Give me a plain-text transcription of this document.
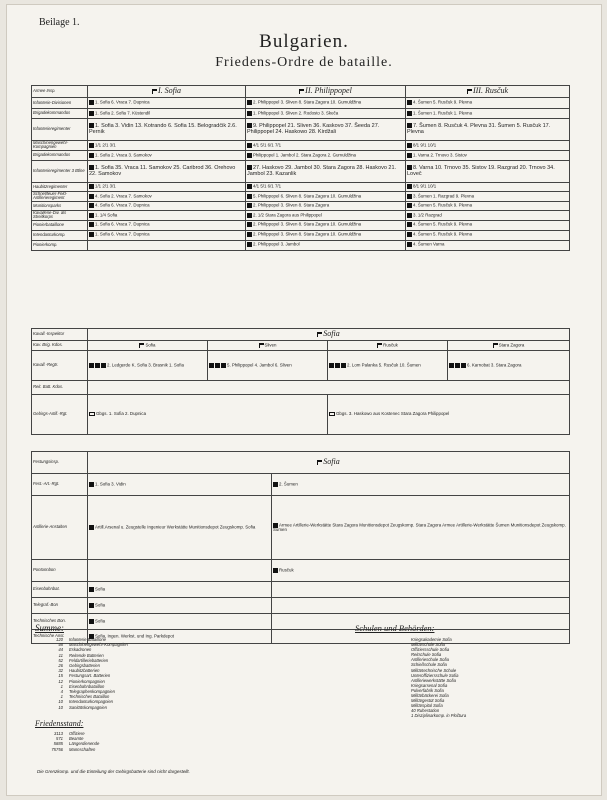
Beilage 1.
Bulgarien.
Friedens-Ordre de bataille.
Armee Insp.	I. Sofia	II. Philippopel	III. Rusčuk
Infanterie-Divisionen	1. Sofia 6. Vraca 7. Dupnica	2. Philippopel 3. Sliven 8. Stara Zagora 10. Gumuldžina	4. Šumen 5. Rusčuk 9. Plevna
Brigadekommandos	1. Sofia 2. Sofia 7. Küstendil	1. Philippopel 3. Sliven 2. Rodosto 3. Skeča	1. Šumen 1. Rusčuk 1. Plevna
Infanterieregimenter	1. Sofia 3. Vidin 13. Kotrando 6. Sofia 15. Belogradčik 2.6. Pernik	9. Philippopel 21. Sliven 36. Kaskovo 37. Šeeda 27. Philippopel 24. Haskowo 28. Kirdžali	7. Šumen 8. Rusčuk 4. Plevna 31. Šumen 5. Rusčuk 17. Plevna
Maschinengewehr-Kompagnien	1/1 2/1 3/1	4/1 5/1 6/1 7/1	8/1 9/1 10/1
Brigadekommandos	1. Sofia 2. Vraca 3. Samokov	Philippopel 1. Jambol 2. Stara Zagora 2. Gumuldžina	1. Varna 2. Trnovo 3. Sistov
Infanterieregimenter 3 Btlne	1. Sofia 35. Vraca 11. Samokov 25. Caribrod 36. Orehovo 22. Samokov	27. Haskovo 29. Jambol 30. Stara Zagora 28. Haskovo 21. Jambol 23. Kazanlik	8. Varna 10. Trnovo 35. Sistov 19. Razgrad 20. Trnovo 34. Loveč
Haubitzregimenter	1/1 2/1 3/1	4/1 5/1 6/1 7/1	8/1 9/1 10/1
Schnellfeuer-Feld-Artillerieregiment	4. Sofia 2. Vraca 7. Samokov	5. Philippopel 6. Sliven 8. Stara Zagora 10. Gumuldžina	3. Šumen 1. Razgrad 9. Plevna
Munitionsparks	4. Sofia 6. Vraca 7. Dupnica	2. Philippopel 3. Sliven 8. Stara Zagora	4. Šumen 5. Rusčuk 9. Plevna
Kavallerie-Div. als Streitkorps	1. 1/4 Sofia	2. 1/2 Stara Zagora aus Philippopel	3. 1/2 Razgrad
Pionierbataillone	1. Sofia 6. Vraca 7. Dupnica	2. Philippopel 3. Sliven 8. Stara Zagora 10. Gumuldžina	4. Šumen 5. Rusčuk 9. Plevna
Intendanturkomp.	1. Sofia 6. Vraca 7. Dupnica	2. Philippopel 3. Sliven 8. Stara Zagora 10. Gumuldžina	4. Šumen 5. Rusčuk 9. Plevna
Pionierkomp.		2. Philippopel 3. Jambol	4. Šumen Varna
Kavall.-Inspektor	Sofia			
Kav. Brig. Kdos.	Sofia	Sliven	Rusčuk	Stara Zagora
Kavall.-Regtr.	2. Ledgerde K. Sofia 3. Brasnik 1. Sofia	5. Philippopel 4. Jambol 6. Sliven	2. Lom Palanka 5. Rusčuk 10. Šumen	6. Karnobat 3. Stara Zagora
Reit. Batt. Kdos.				
Gebirgs-Artill.-Rgt.	Gbgs. 1. Sofia 2. Dupnica		Gbgs. 3. Haskowo aus Kostenec Stara Zagora Philippopel	
Festungsinsp.	Sofia	
Fest.-Art.-Rgt.	1. Sofia 3. Vidin	2. Šumen
Artillerie-Anstalten	Artill.Arsenal u. Zeugstelle Ingenieur Werkstätte Munitionsdepot Zeugskomp. Sofia	Armee Artillerie-Werkstätte Stara Zagora Munitionsdepot Zeugskomp. Stara Zagora Armee Artillerie-Werkstätte Šumen Munitionsdepot Zeugskomp. Šumen
Pontonnbon		Rusčuk
Eisenbahnbat.	Sofia	
Telegraf.-Bon	Sofia	
Technisches Bon.	Sofia	
Technische Anst.	Sofia, Ingen. Werkst. und Ing. Parkdepot	
Summe:
120 Infanterie Bataillone
48 Maschinengewehr-Kompagnien
44 Eskadronen
11 Reitende Batterien
52 Feldartilleriebatterien
26 Gebirgsbatterien
32 Haubitzbatterien
15 Festungsart. Batterien
12 Pionierkompagnien
1 Eisenbahnbataillon
4 Telegraphenkompagnien
1 Technisches Bataillon
10 Intendanturkompagnien
10 Sanitätskompagnien
Friedensstand:
3113 Offiziere
571 Beamte
5885 Längerdienende
75756 Mannschaften
Schulen und Behörden:
Kriegsakademie Sofia
Militärschule Sofia
Offiziersschule Sofia
Reitschule Sofia
Artillerieschule Sofia
Schießschule Sofia
Militärtechnische Schule
Unteroffiziersschule Sofia
Artilleriewerkstätte Sofia
Kriegsarsenal Sofia
Pulverfabrik Sofia
Militärbäckerei Sofia
Militärgestüt Sofia
Militärspital Sofia
40 Ruhestation
1 Disziplinarkomp. in Pločtura
Die Grenzkomp. und die Einteilung der Gebirgsbatterie sind nicht dargestellt.
